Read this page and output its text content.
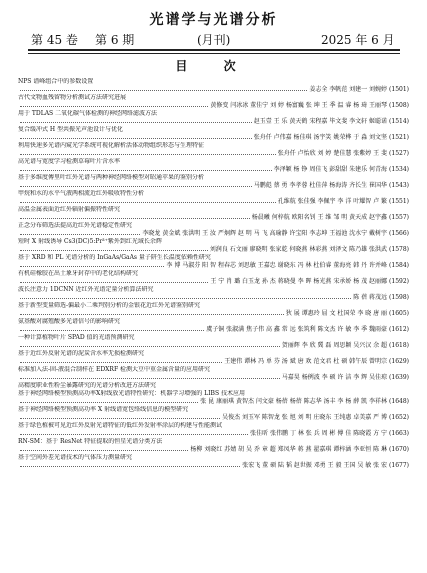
光谱学与光谱分析
第 45 卷 第 6 期	(月刊)	2025 年 6 月
目 次
NPS 谱峰组合中的参数设置
姜志全 李帆范 刘建一 刘婉婷 (1501)
古代文物血残留物分析测试方法研究进展
黄修变 闫冰冰 董佳宁 刘 婷 杨富巍 张 坤 王 季 温 睿 杨 琦 王丽琴 (1508)
用于 TDLAS 二氧化碳气体检测的神经网络滤波方法
赵玉壹 王 乐 黄天鹤 宋程嘉 毕文斐 李文轩 姬聪诺 (1514)
复合缓冲式 H 型共振光声池设计与优化
张舟仟 卢伟嘉 杨佳琪 汤宇笑 姚荣桦 于 淼 刘文坚 (1521)
利用快速多光谱内窥光学系统可视化解析活体动物组织形态与生理特征
张舟仟 卢怡欣 刘 婷 楚佳慧 张紫婷 王 斐 (1527)
高光谱与宽度学习检测草莓叶片含水率
李泽颖 杨 铮 周佳飞 彭甜甜 朱建乐 何青海 (1534)
基于多维度傅里叶红外光谱与两种神经网络模型对昭通苹果的鉴别分析
马鹏彪 蔡 勇 李孝蓉 杜佳萍 杨海涛 齐长生 崔国华 (1543)
甲烷和水的水平气液两相流近红外吸收特性分析
孔维航 张佳强 李佩宇 李 洋 叶耀智 卢 繁 (1551)
高温金属表面近红外辐射偏振特性研究
杨晨曦 何梓航 欧阳名钊 王 维 邹 明 黄天成 赵宇鑫 (1557)
正念分布筛选法提高近红外光谱稳定性研究
李晓龙 黄金斌 张洪明 王 汝 严炯辉 赵 明 马 飞 高瑜静 许宝阳 李志坤 王福池 沈水宁 戴树宇 (1566)
短时 X 射线诱导 Cs3(DC)5:Pr³⁺紫外到红光域长余辉
刘润良 石文丽 廖晓明 张家乾 何晓燕 林彩燕 刘泽文 陈乃雄 张洪武 (1578)
基于 XRD 和 PL 光谱分析的 InGaAs/GaAs 量子阱生长温度依赖性研究
李 博 马淑芬 阳 智 程春芯 刘思敏 王嘉忠 谢晓东 冯 林 杜伯睿 董海亮 韩 丹 许并峰 (1584)
有机硅橡胶在出土象牙封存中的老化结构研究
王 宁 肖 璐 白玉龙 孙 杰 蒋晓曼 李 晖 杨光燕 宋承娇 杨 茂 赵丽娜 (1592)
波长注意力 1DCNN 近红外光谱定量分析算法研究
陈 蓓 蒋茂远 (1598)
基于新型变量筛选-偏最小二乘判别分析的金银花近红外光谱鉴别研究
狄 展 谭惠玲 屈 文 杜国荣 李 晓 唐 丽 (1605)
氨基酸对腐殖酸多光谱信号的影响研究
虞子铜 张淑满 焦子伟 高 鑫 常 远 张筑利 陈文杰 许 敏 李 季 魏雨豪 (1612)
一种计算植物叶片 SPAD 值的光谱预测研究
贺丽辉 李 欣 冀 磊 周思颖 吴兴汉 余 超 (1618)
基于近红外反射光谱的泥炭含水率无损检测研究
王建伟 谭林 冯 单 芬 汤 斌 唐 欢 范文君 杜 硕 韩午辰 曾明宗 (1629)
标准加入法-固-液混合制样在 EDXRF 检测大豆中重金属含量的应用研究
马嘉昊 杨例波 李 硕 许 洁 李 辉 吴佳琼 (1639)
高精度职业性粉尘暴露研究的光谱分析改进方法研究
基于神经网络模型预测高功率X射线放光谱特性研究：机器学习增强的 LIBS 技术应用
张 昆 康丽琪 黄智杰 闫文豪 杨蓓 杨蓓 陈志华 汤丰 李 杨 薛 凯 李祥林 (1648)
基于神经网络模型预测高功率 X 射线谱宽包络线信息的模型研究
吴俊杰 刘玉军 陈智龙 张 旭 刘 明 庄晓东 王纯惠 卓美嘉 严 博 (1652)
基于绿色植被可见近红外反射光谱特征的低红外发射率涂层的构建与性能测试
张佳昕 张伟鹏 丁 林 张 兵 周 彬 傅 佳 陈晓霞 方 宁 (1663)
RN-SM：基于 ResNet 特征提取的恒星光谱分类方法
杨柳 刘晓红 苏婧 胡 吴 乔 章 超 郑凤华 蒋 燕 翟嘉琪 谭梓涵 李亚恒 陈 琳 (1670)
基于空间外差光谱技术的气体压力测量研究
张宏飞 董 硕 陆 韬 赵世振 邓勇 王 毅 王国 吴 敏 张 宏 (1677)
